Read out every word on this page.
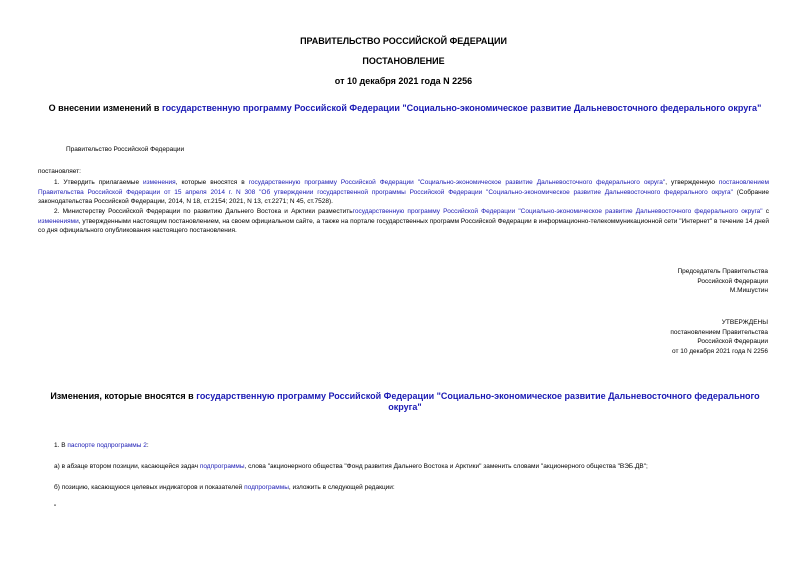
ПРАВИТЕЛЬСТВО РОССИЙСКОЙ ФЕДЕРАЦИИ
ПОСТАНОВЛЕНИЕ
от 10 декабря 2021 года N 2256
О внесении изменений в государственную программу Российской Федерации "Социально-экономическое развитие Дальневосточного федерального округа"
Правительство Российской Федерации
постановляет:
1. Утвердить прилагаемые изменения, которые вносятся в государственную программу Российской Федерации "Социально-экономическое развитие Дальневосточного федерального округа", утвержденную постановлением Правительства Российской Федерации от 15 апреля 2014 г. N 308 "Об утверждении государственной программы Российской Федерации "Социально-экономическое развитие Дальневосточного федерального округа" (Собрание законодательства Российской Федерации, 2014, N 18, ст.2154; 2021, N 13, ст.2271; N 45, ст.7528).
2. Министерству Российской Федерации по развитию Дальнего Востока и Арктики разместитьгосударственную программу Российской Федерации "Социально-экономическое развитие Дальневосточного федерального округа" с изменениями, утвержденными настоящим постановлением, на своем официальном сайте, а также на портале государственных программ Российской Федерации в информационно-телекоммуникационной сети "Интернет" в течение 14 дней со дня официального опубликования настоящего постановления.
Председатель Правительства
Российской Федерации
М.Мишустин
УТВЕРЖДЕНЫ
постановлением Правительства
Российской Федерации
от 10 декабря 2021 года N 2256
Изменения, которые вносятся в государственную программу Российской Федерации "Социально-экономическое развитие Дальневосточного федерального округа"
1. В паспорте подпрограммы 2:
а) в абзаце втором позиции, касающейся задач подпрограммы, слова "акционерного общества "Фонд развития Дальнего Востока и Арктики" заменить словами "акционерного общества "ВЭБ.ДВ";
б) позицию, касающуюся целевых индикаторов и показателей подпрограммы, изложить в следующей редакции:
"
